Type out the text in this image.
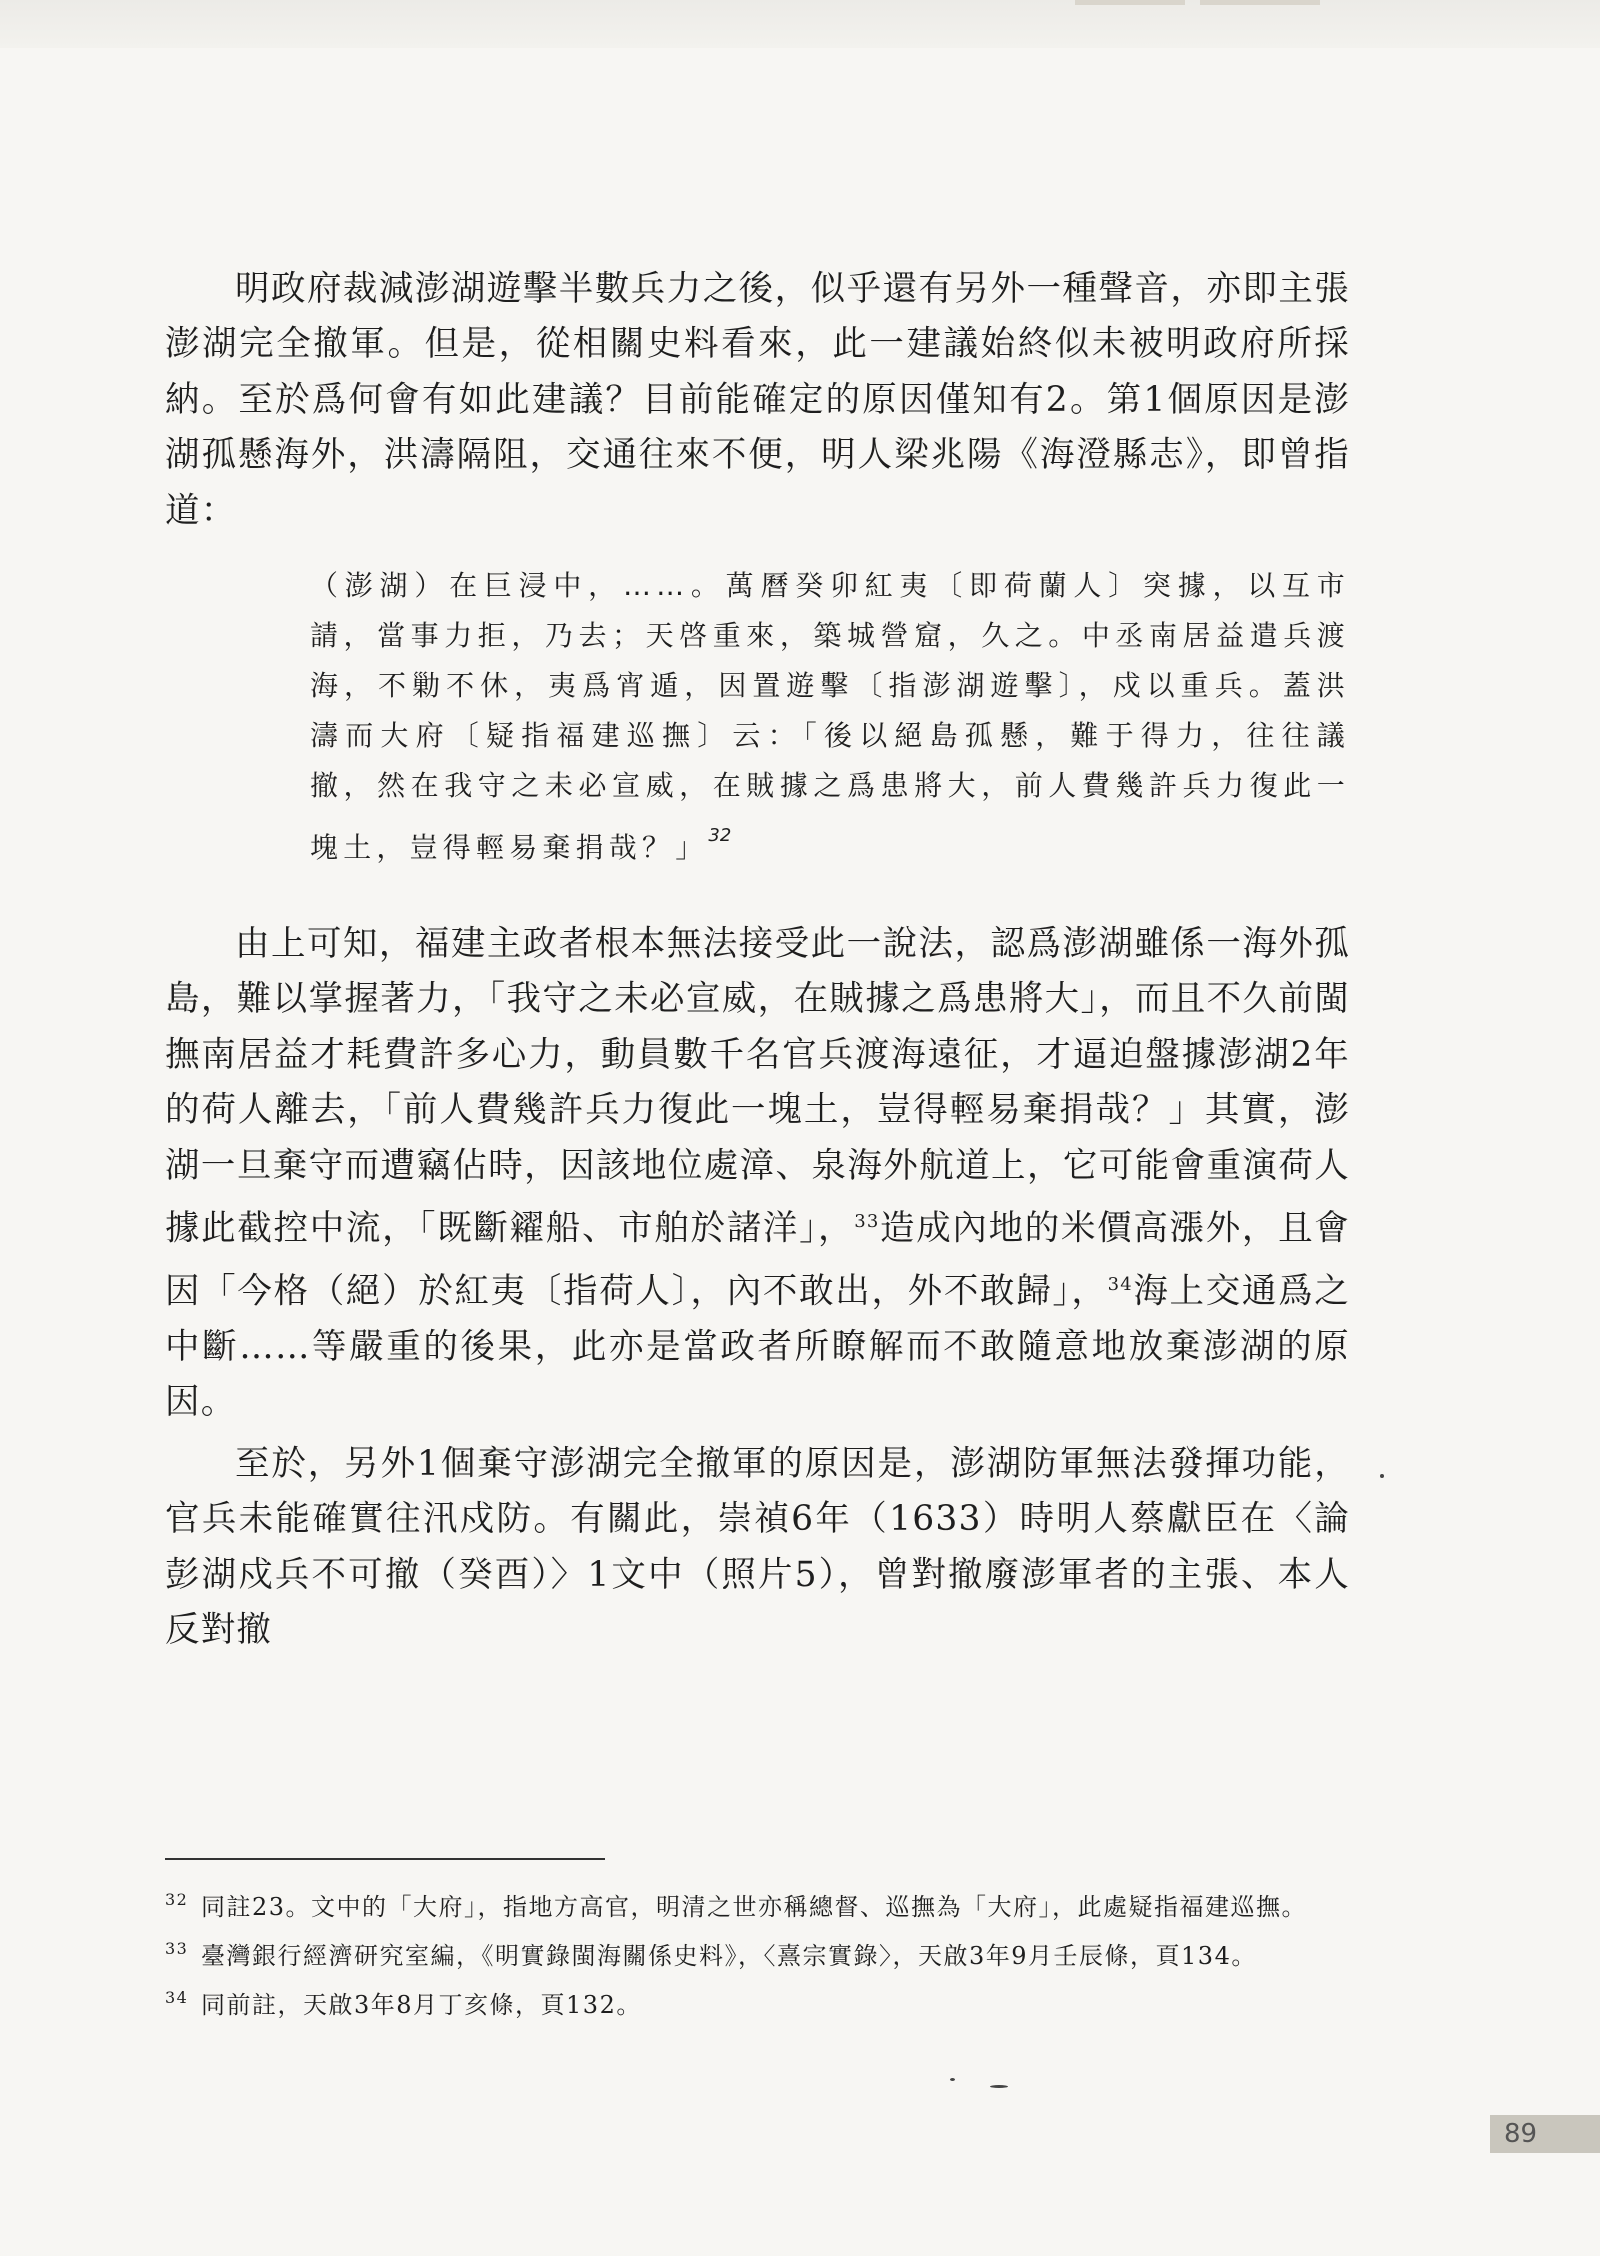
明政府裁減澎湖遊擊半數兵力之後，似乎還有另外一種聲音，亦即主張澎湖完全撤軍。但是，從相關史料看來，此一建議始終似未被明政府所採納。至於爲何會有如此建議？目前能確定的原因僅知有2。第1個原因是澎湖孤懸海外，洪濤隔阻，交通往來不便，明人梁兆陽《海澄縣志》，即曾指道：

（澎湖）在巨浸中，……。萬曆癸卯紅夷〔即荷蘭人〕突據，以互市請，當事力拒，乃去；天啓重來，築城營窟，久之。中丞南居益遣兵渡海，不勦不休，夷爲宵遁，因置遊擊〔指澎湖遊擊〕，戍以重兵。蓋洪濤而大府〔疑指福建巡撫〕云：「後以絕島孤懸，難于得力，往往議撤，然在我守之未必宣威，在賊據之爲患將大，前人費幾許兵力復此一塊土，豈得輕易棄捐哉？」$^{32}$

由上可知，福建主政者根本無法接受此一說法，認爲澎湖雖係一海外孤島，難以掌握著力，「我守之未必宣威，在賊據之爲患將大」，而且不久前閩撫南居益才耗費許多心力，動員數千名官兵渡海遠征，才逼迫盤據澎湖2年的荷人離去，「前人費幾許兵力復此一塊土，豈得輕易棄捐哉？」其實，澎湖一旦棄守而遭竊佔時，因該地位處漳、泉海外航道上，它可能會重演荷人據此截控中流，「既斷糴船、市舶於諸洋」，$^{33}$造成內地的米價高漲外，且會因「今格（絕）於紅夷〔指荷人〕，內不敢出，外不敢歸」，$^{34}$海上交通爲之中斷……等嚴重的後果，此亦是當政者所瞭解而不敢隨意地放棄澎湖的原因。

至於，另外1個棄守澎湖完全撤軍的原因是，澎湖防軍無法發揮功能，官兵未能確實往汛戍防。有關此，崇禎6年（1633）時明人蔡獻臣在〈論彭湖戍兵不可撤（癸酉）〉1文中（照片5），曾對撤廢澎軍者的主張、本人反對撤

32 同註23。文中的「大府」，指地方高官，明清之世亦稱總督、巡撫為「大府」，此處疑指福建巡撫。

33 臺灣銀行經濟研究室編，《明實錄閩海關係史料》，〈熹宗實錄〉，天啟3年9月壬辰條，頁134。

34 同前註，天啟3年8月丁亥條，頁132。

89
